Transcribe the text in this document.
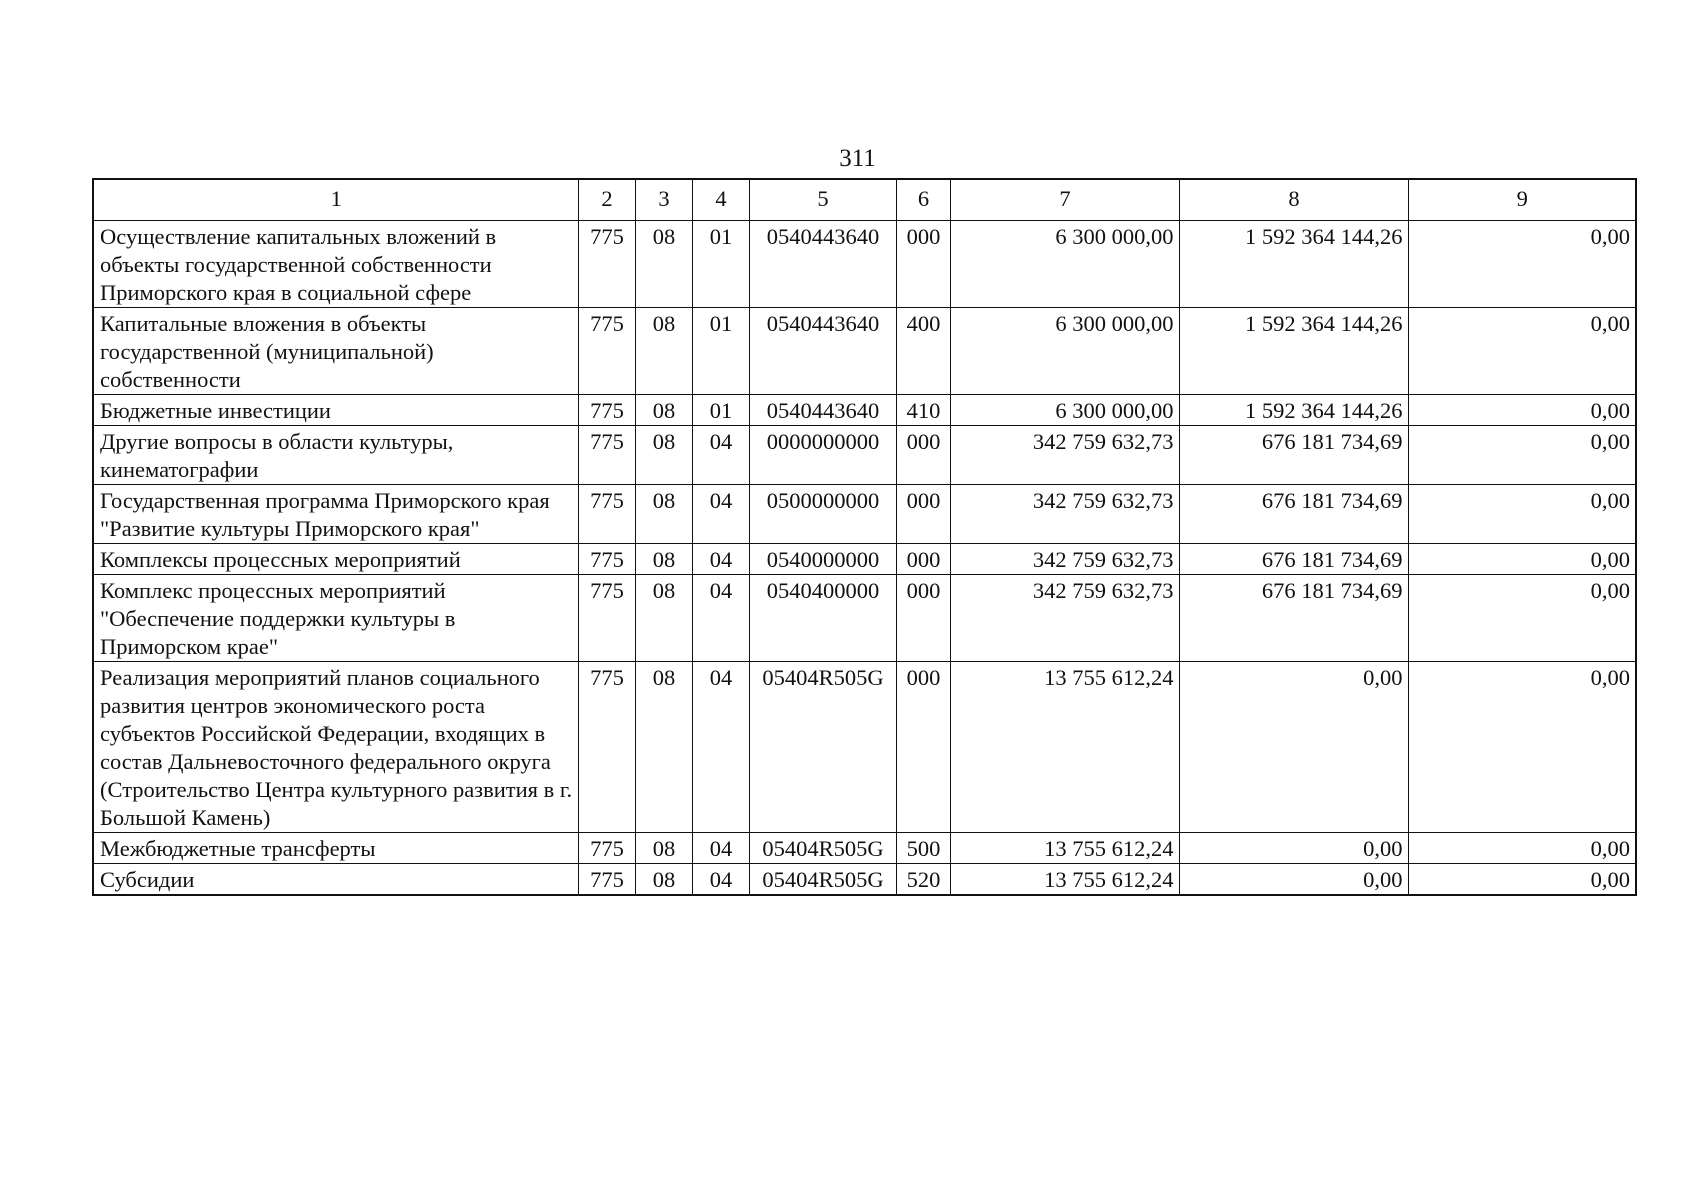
311
1	2	3	4	5	6	7	8	9
Осуществление капитальных вложений в объекты государственной собственности Приморского края в социальной сфере	775	08	01	0540443640	000	6 300 000,00	1 592 364 144,26	0,00
Капитальные вложения в объекты государственной (муниципальной) собственности	775	08	01	0540443640	400	6 300 000,00	1 592 364 144,26	0,00
Бюджетные инвестиции	775	08	01	0540443640	410	6 300 000,00	1 592 364 144,26	0,00
Другие вопросы в области культуры, кинематографии	775	08	04	0000000000	000	342 759 632,73	676 181 734,69	0,00
Государственная программа Приморского края "Развитие культуры Приморского края"	775	08	04	0500000000	000	342 759 632,73	676 181 734,69	0,00
Комплексы процессных мероприятий	775	08	04	0540000000	000	342 759 632,73	676 181 734,69	0,00
Комплекс процессных мероприятий "Обеспечение поддержки культуры в Приморском крае"	775	08	04	0540400000	000	342 759 632,73	676 181 734,69	0,00
Реализация мероприятий планов социального развития центров экономического роста субъектов Российской Федерации, входящих в состав Дальневосточного федерального округа (Строительство Центра культурного развития в г. Большой Камень)	775	08	04	05404R505G	000	13 755 612,24	0,00	0,00
Межбюджетные трансферты	775	08	04	05404R505G	500	13 755 612,24	0,00	0,00
Субсидии	775	08	04	05404R505G	520	13 755 612,24	0,00	0,00
